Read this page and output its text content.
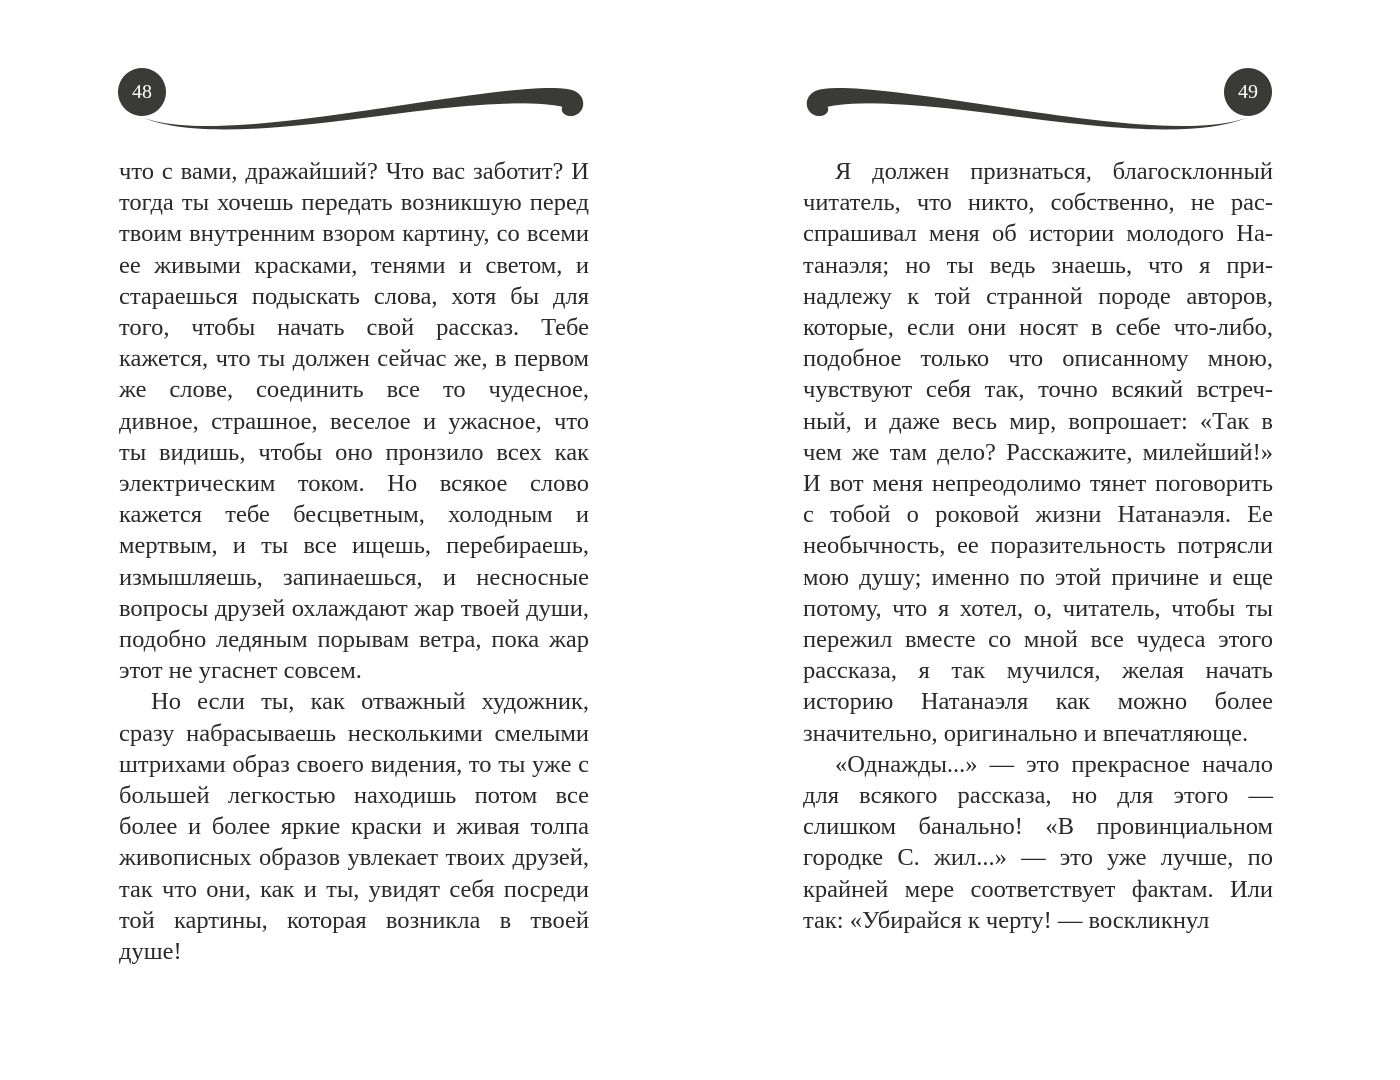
48

что с вами, дражайший? Что вас заботит? И тогда ты хочешь передать возникшую перед твоим внутренним взором картину, со всеми ее живыми красками, тенями и светом, и стараешься подыскать слова, хотя бы для того, чтобы начать свой рассказ. Тебе кажется, что ты должен сейчас же, в первом же слове, соединить все то чудесное, дивное, страшное, веселое и ужасное, что ты видишь, чтобы оно пронзило всех как электрическим током. Но всякое слово кажется тебе бесцветным, холодным и мертвым, и ты все ищешь, перебираешь, измышляешь, запинаешься, и несносные вопросы друзей охлаждают жар твоей души, подобно ледяным порывам ветра, пока жар этот не угаснет совсем.

Но если ты, как отважный художник, сразу набрасываешь несколькими смелыми штрихами образ своего видения, то ты уже с большей легкостью находишь потом все более и более яркие краски и живая толпа живописных образов увлекает твоих друзей, так что они, как и ты, увидят себя посреди той картины, которая возникла в твоей душе!

49

Я должен признаться, благосклонный читатель, что никто, собственно, не расспрашивал меня об истории молодого Натанаэля; но ты ведь знаешь, что я принадлежу к той странной породе авторов, которые, если они носят в себе что-либо, подобное только что описанному мною, чувствуют себя так, точно всякий встречный, и даже весь мир, вопрошает: «Так в чем же там дело? Расскажите, милейший!» И вот меня непреодолимо тянет поговорить с тобой о роковой жизни Натанаэля. Ее необычность, ее поразительность потрясли мою душу; именно по этой причине и еще потому, что я хотел, о, читатель, чтобы ты пережил вместе со мной все чудеса этого рассказа, я так мучился, желая начать историю Натанаэля как можно более значительно, оригинально и впечатляюще.

«Однажды...» — это прекрасное начало для всякого рассказа, но для этого — слишком банально! «В провинциальном городке С. жил...» — это уже лучше, по крайней мере соответствует фактам. Или так: «Убирайся к черту! — воскликнул
